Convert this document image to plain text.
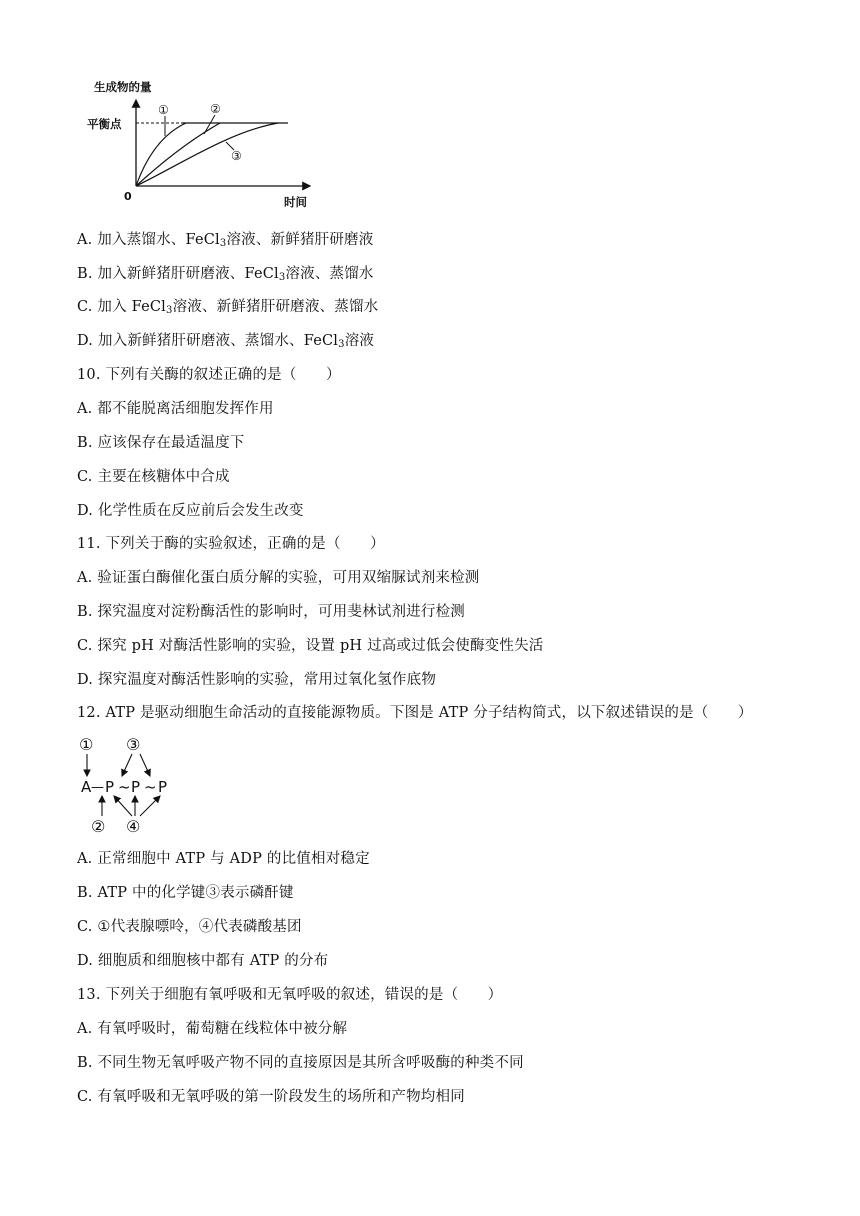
生成物的量
0	时间
平衡点
①	②
③
A. 加入蒸馏水、FeCl$_3$溶液、新鲜猪肝研磨液
B. 加入新鲜猪肝研磨液、FeCl$_3$溶液、蒸馏水
C. 加入 FeCl$_3$溶液、新鲜猪肝研磨液、蒸馏水
D. 加入新鲜猪肝研磨液、蒸馏水、FeCl$_3$溶液
10. 下列有关酶的叙述正确的是（　　）
A. 都不能脱离活细胞发挥作用
B. 应该保存在最适温度下
C. 主要在核糖体中合成
D. 化学性质在反应前后会发生改变
11. 下列关于酶的实验叙述，正确的是（　　）
A. 验证蛋白酶催化蛋白质分解的实验，可用双缩脲试剂来检测
B. 探究温度对淀粉酶活性的影响时，可用斐林试剂进行检测
C. 探究 pH 对酶活性影响的实验，设置 pH 过高或过低会使酶变性失活
D. 探究温度对酶活性影响的实验，常用过氧化氢作底物
12. ATP 是驱动细胞生命活动的直接能源物质。下图是 ATP 分子结构简式，以下叙述错误的是（　　）
① ③
② ④
A — P ~ P ~ P
A. 正常细胞中 ATP 与 ADP 的比值相对稳定
B. ATP 中的化学键③表示磷酐键
C. ①代表腺嘌呤，④代表磷酸基团
D. 细胞质和细胞核中都有 ATP 的分布
13. 下列关于细胞有氧呼吸和无氧呼吸的叙述，错误的是（　　）
A. 有氧呼吸时，葡萄糖在线粒体中被分解
B. 不同生物无氧呼吸产物不同的直接原因是其所含呼吸酶的种类不同
C. 有氧呼吸和无氧呼吸的第一阶段发生的场所和产物均相同
